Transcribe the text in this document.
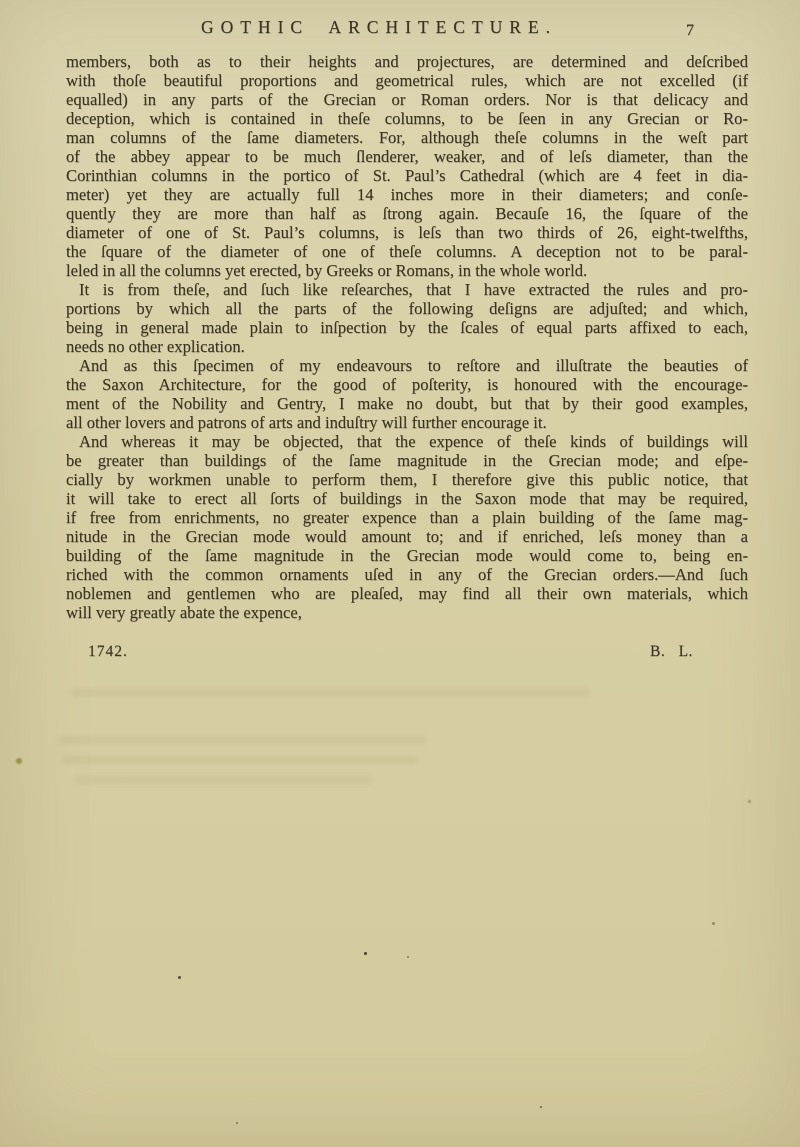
GOTHIC ARCHITECTURE.	7
members, both as to their heights and projectures, are determined and deſcribed
with thoſe beautiful proportions and geometrical rules, which are not excelled (if
equalled) in any parts of the Grecian or Roman orders. Nor is that delicacy and
deception, which is contained in theſe columns, to be ſeen in any Grecian or Ro-
man columns of the ſame diameters. For, although theſe columns in the weſt part
of the abbey appear to be much ſlenderer, weaker, and of leſs diameter, than the
Corinthian columns in the portico of St. Paul’s Cathedral (which are 4 feet in dia-
meter) yet they are actually full 14 inches more in their diameters; and conſe-
quently they are more than half as ſtrong again. Becauſe 16, the ſquare of the
diameter of one of St. Paul’s columns, is leſs than two thirds of 26, eight-twelfths,
the ſquare of the diameter of one of theſe columns. A deception not to be paral-
leled in all the columns yet erected, by Greeks or Romans, in the whole world.
It is from theſe, and ſuch like reſearches, that I have extracted the rules and pro-
portions by which all the parts of the following deſigns are adjuſted; and which,
being in general made plain to inſpection by the ſcales of equal parts affixed to each,
needs no other explication.
And as this ſpecimen of my endeavours to reſtore and illuſtrate the beauties of
the Saxon Architecture, for the good of poſterity, is honoured with the encourage-
ment of the Nobility and Gentry, I make no doubt, but that by their good examples,
all other lovers and patrons of arts and induſtry will further encourage it.
And whereas it may be objected, that the expence of theſe kinds of buildings will
be greater than buildings of the ſame magnitude in the Grecian mode; and eſpe-
cially by workmen unable to perform them, I therefore give this public notice, that
it will take to erect all ſorts of buildings in the Saxon mode that may be required,
if free from enrichments, no greater expence than a plain building of the ſame mag-
nitude in the Grecian mode would amount to; and if enriched, leſs money than a
building of the ſame magnitude in the Grecian mode would come to, being en-
riched with the common ornaments uſed in any of the Grecian orders.—And ſuch
noblemen and gentlemen who are pleaſed, may find all their own materials, which
will very greatly abate the expence,
1742.	B. L.
